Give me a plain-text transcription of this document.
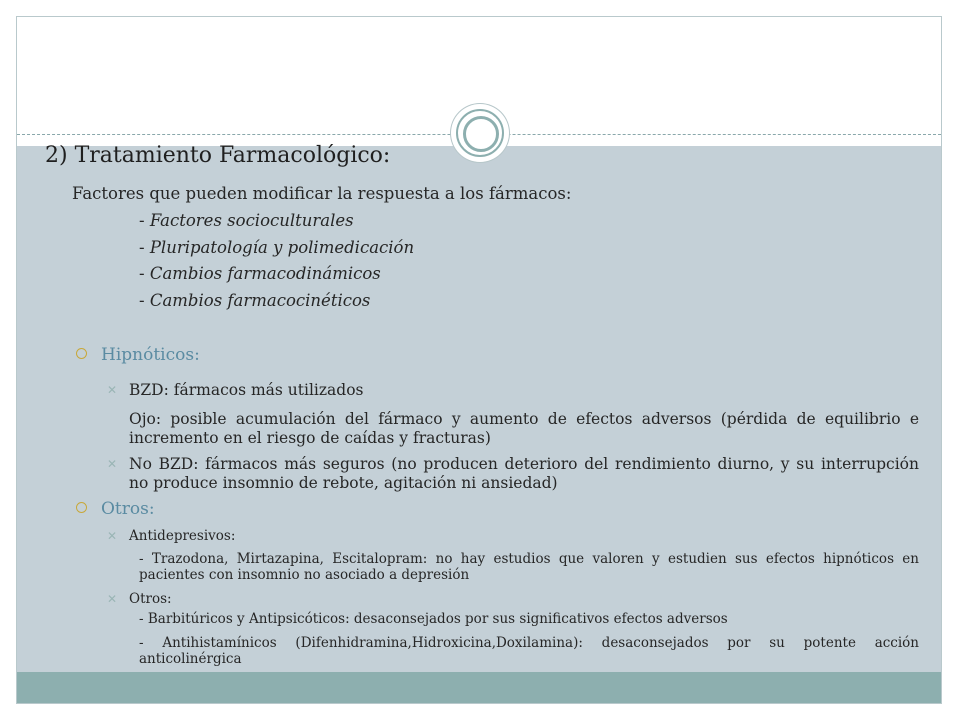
2) Tratamiento Farmacológico:
Factores que pueden modificar la respuesta a los fármacos:
- Factores socioculturales
- Pluripatología y polimedicación
- Cambios farmacodinámicos
- Cambios farmacocinéticos
Hipnóticos:
✕ BZD: fármacos más utilizados
Ojo: posible acumulación del fármaco y aumento de efectos adversos (pérdida de equilibrio e incremento en el riesgo de caídas y fracturas)
✕ No BZD: fármacos más seguros (no producen deterioro del rendimiento diurno, y su interrupción no produce insomnio de rebote, agitación ni ansiedad)
Otros:
✕ Antidepresivos:
- Trazodona, Mirtazapina, Escitalopram: no hay estudios que valoren y estudien sus efectos hipnóticos en pacientes con insomnio no asociado a depresión
✕ Otros:
- Barbitúricos y Antipsicóticos: desaconsejados por sus significativos efectos adversos
- Antihistamínicos (Difenhidramina,Hidroxicina,Doxilamina): desaconsejados por su potente acción anticolinérgica
